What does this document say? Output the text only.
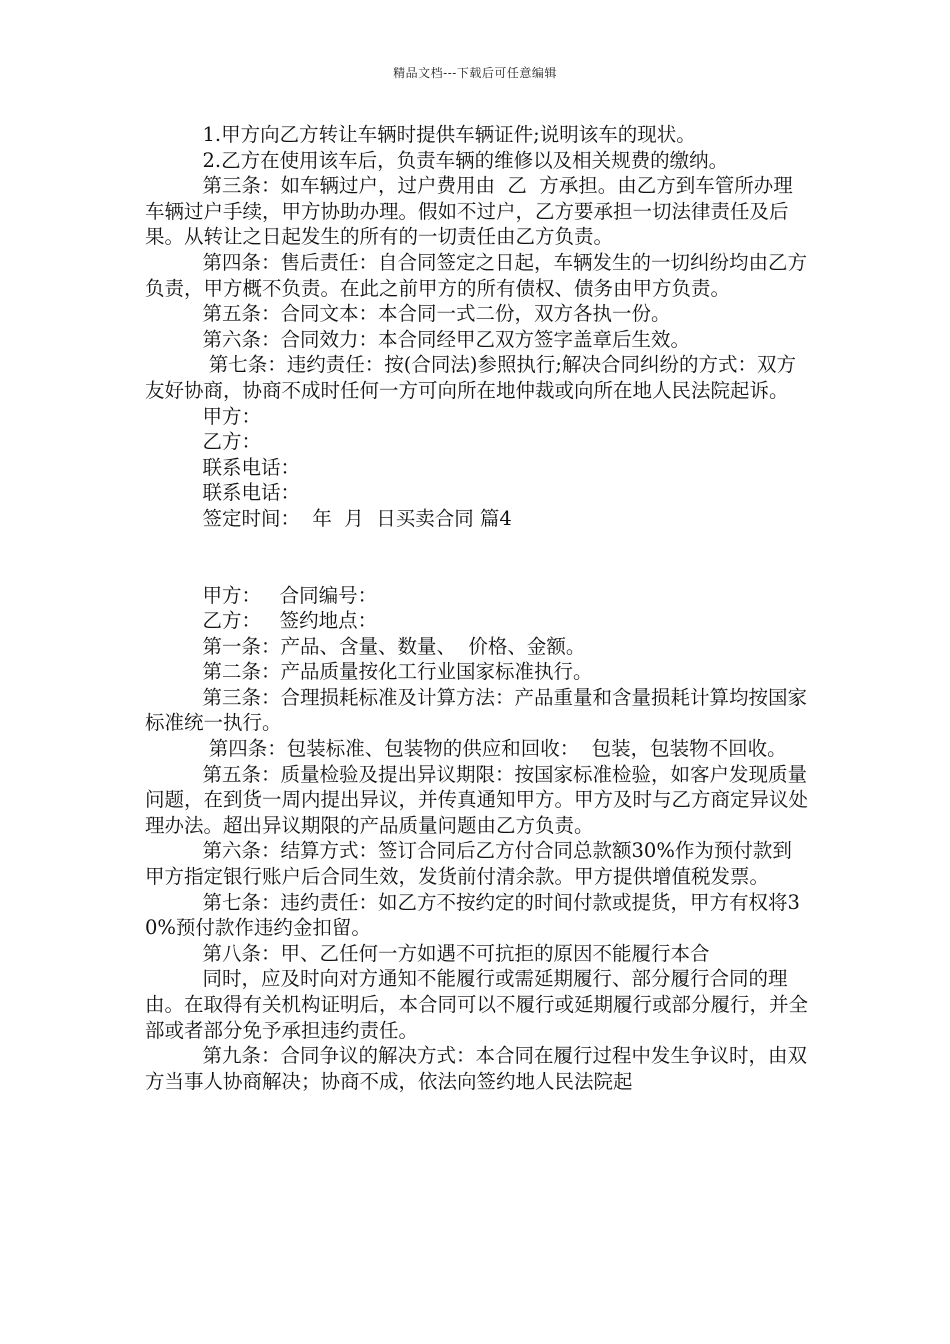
精品文档---下载后可任意编辑

1.甲方向乙方转让车辆时提供车辆证件;说明该车的现状。

2.乙方在使用该车后，负责车辆的维修以及相关规费的缴纳。

第三条：如车辆过户，过户费用由  乙  方承担。由乙方到车管所办理车辆过户手续，甲方协助办理。假如不过户，乙方要承担一切法律责任及后果。从转让之日起发生的所有的一切责任由乙方负责。

第四条：售后责任：自合同签定之日起，车辆发生的一切纠纷均由乙方负责，甲方概不负责。在此之前甲方的所有债权、债务由甲方负责。

第五条：合同文本：本合同一式二份，双方各执一份。

第六条：合同效力：本合同经甲乙双方签字盖章后生效。

第七条：违约责任：按(合同法)参照执行;解决合同纠纷的方式：双方友好协商，协商不成时任何一方可向所在地仲裁或向所在地人民法院起诉。

甲方：

乙方：

联系电话：

联系电话：

签定时间：  年  月  日买卖合同 篇4

甲方：   合同编号：

乙方：   签约地点：

第一条：产品、含量、数量、  价格、金额。

第二条：产品质量按化工行业国家标准执行。

第三条：合理损耗标准及计算方法：产品重量和含量损耗计算均按国家标准统一执行。

第四条：包装标准、包装物的供应和回收：  包装，包装物不回收。

第五条：质量检验及提出异议期限：按国家标准检验，如客户发现质量问题，在到货一周内提出异议，并传真通知甲方。甲方及时与乙方商定异议处理办法。超出异议期限的产品质量问题由乙方负责。

第六条：结算方式：签订合同后乙方付合同总款额30%作为预付款到甲方指定银行账户后合同生效，发货前付清余款。甲方提供增值税发票。

第七条：违约责任：如乙方不按约定的时间付款或提货，甲方有权将30%预付款作违约金扣留。

第八条：甲、乙任何一方如遇不可抗拒的原因不能履行本合

同时，应及时向对方通知不能履行或需延期履行、部分履行合同的理由。在取得有关机构证明后，本合同可以不履行或延期履行或部分履行，并全部或者部分免予承担违约责任。

第九条：合同争议的解决方式：本合同在履行过程中发生争议时，由双方当事人协商解决；协商不成，依法向签约地人民法院起
